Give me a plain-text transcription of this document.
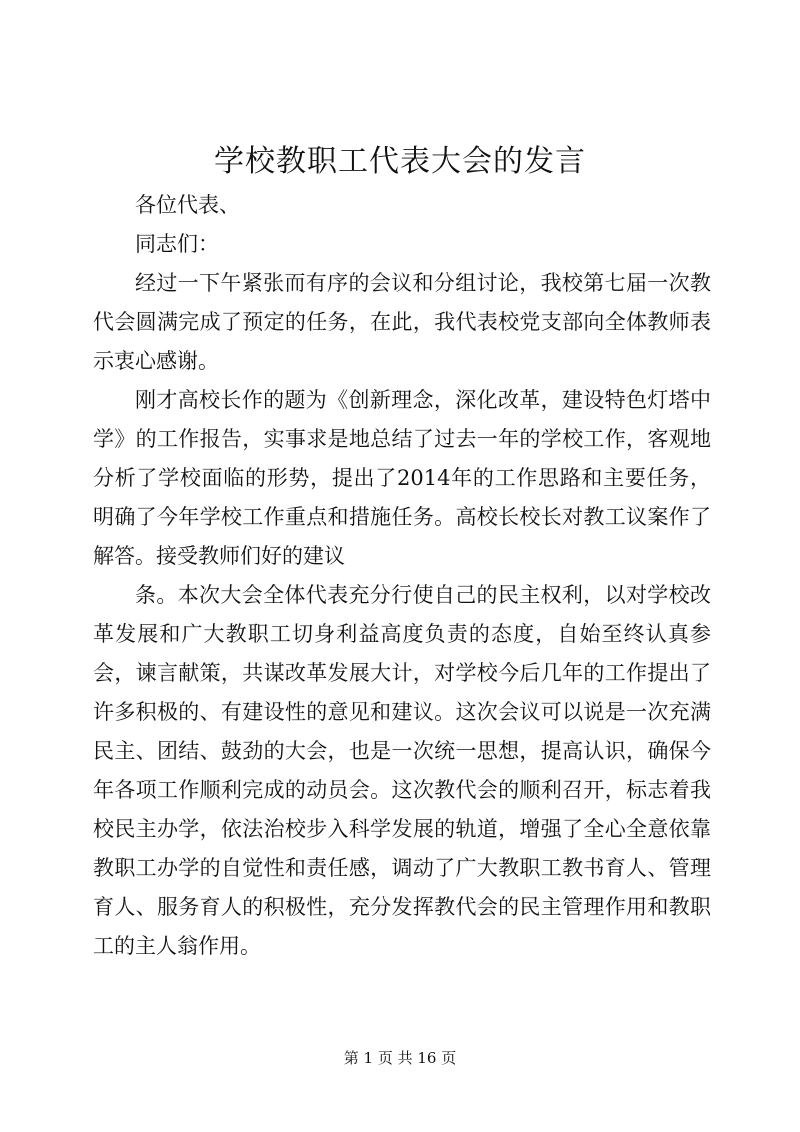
学校教职工代表大会的发言

各位代表、

同志们：

经过一下午紧张而有序的会议和分组讨论，我校第七届一次教代会圆满完成了预定的任务，在此，我代表校党支部向全体教师表示衷心感谢。

刚才高校长作的题为《创新理念，深化改革，建设特色灯塔中学》的工作报告，实事求是地总结了过去一年的学校工作，客观地分析了学校面临的形势，提出了2014年的工作思路和主要任务，明确了今年学校工作重点和措施任务。高校长校长对教工议案作了解答。接受教师们好的建议

条。本次大会全体代表充分行使自己的民主权利，以对学校改革发展和广大教职工切身利益高度负责的态度，自始至终认真参会，谏言献策，共谋改革发展大计，对学校今后几年的工作提出了许多积极的、有建设性的意见和建议。这次会议可以说是一次充满民主、团结、鼓劲的大会，也是一次统一思想，提高认识，确保今年各项工作顺利完成的动员会。这次教代会的顺利召开，标志着我校民主办学，依法治校步入科学发展的轨道，增强了全心全意依靠教职工办学的自觉性和责任感，调动了广大教职工教书育人、管理育人、服务育人的积极性，充分发挥教代会的民主管理作用和教职工的主人翁作用。

第 1 页 共 16 页
